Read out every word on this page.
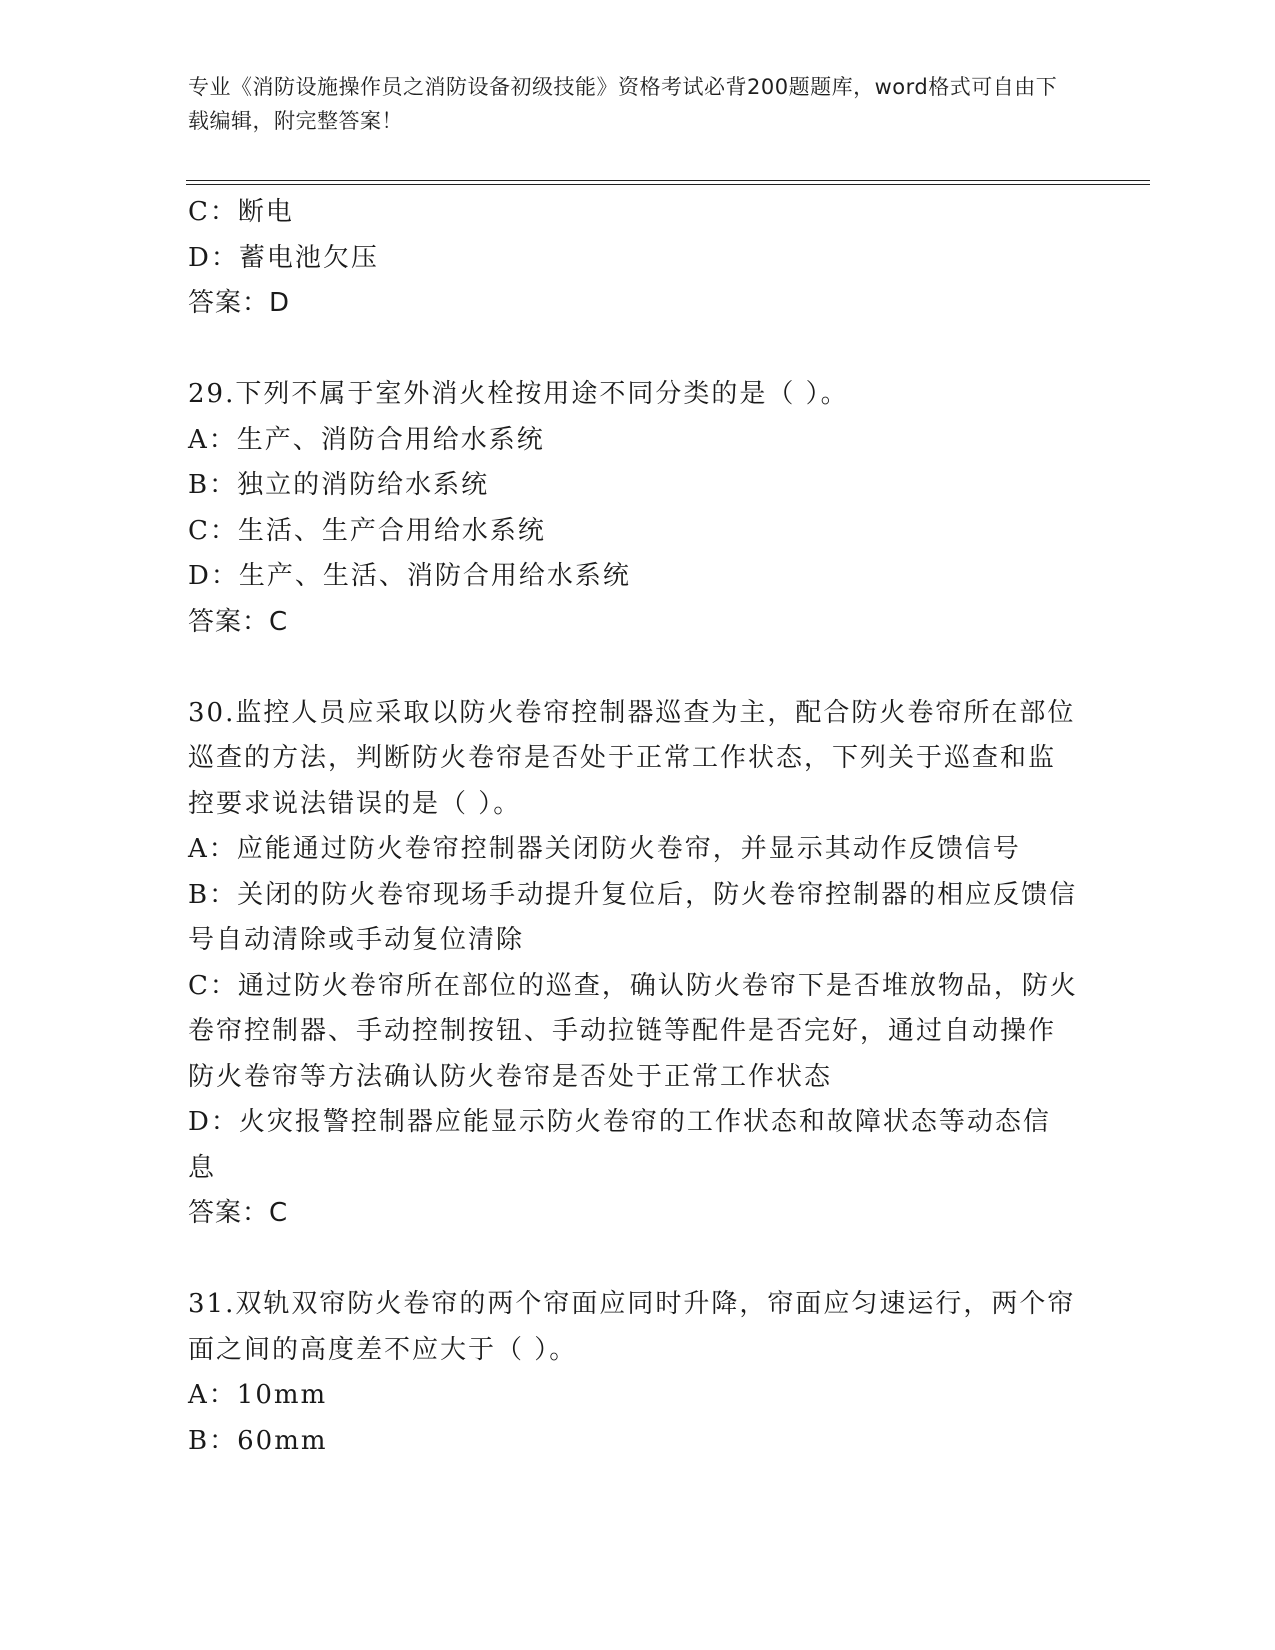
专业《消防设施操作员之消防设备初级技能》资格考试必背200题题库，word格式可自由下载编辑，附完整答案！
C：断电
D：蓄电池欠压
答案：D
29.下列不属于室外消火栓按用途不同分类的是（ ）。
A：生产、消防合用给水系统
B：独立的消防给水系统
C：生活、生产合用给水系统
D：生产、生活、消防合用给水系统
答案：C
30.监控人员应采取以防火卷帘控制器巡查为主，配合防火卷帘所在部位巡查的方法，判断防火卷帘是否处于正常工作状态，下列关于巡查和监控要求说法错误的是（ ）。
A：应能通过防火卷帘控制器关闭防火卷帘，并显示其动作反馈信号
B：关闭的防火卷帘现场手动提升复位后，防火卷帘控制器的相应反馈信号自动清除或手动复位清除
C：通过防火卷帘所在部位的巡查，确认防火卷帘下是否堆放物品，防火卷帘控制器、手动控制按钮、手动拉链等配件是否完好，通过自动操作防火卷帘等方法确认防火卷帘是否处于正常工作状态
D：火灾报警控制器应能显示防火卷帘的工作状态和故障状态等动态信息
答案：C
31.双轨双帘防火卷帘的两个帘面应同时升降，帘面应匀速运行，两个帘面之间的高度差不应大于（ ）。
A：10mm
B：60mm
